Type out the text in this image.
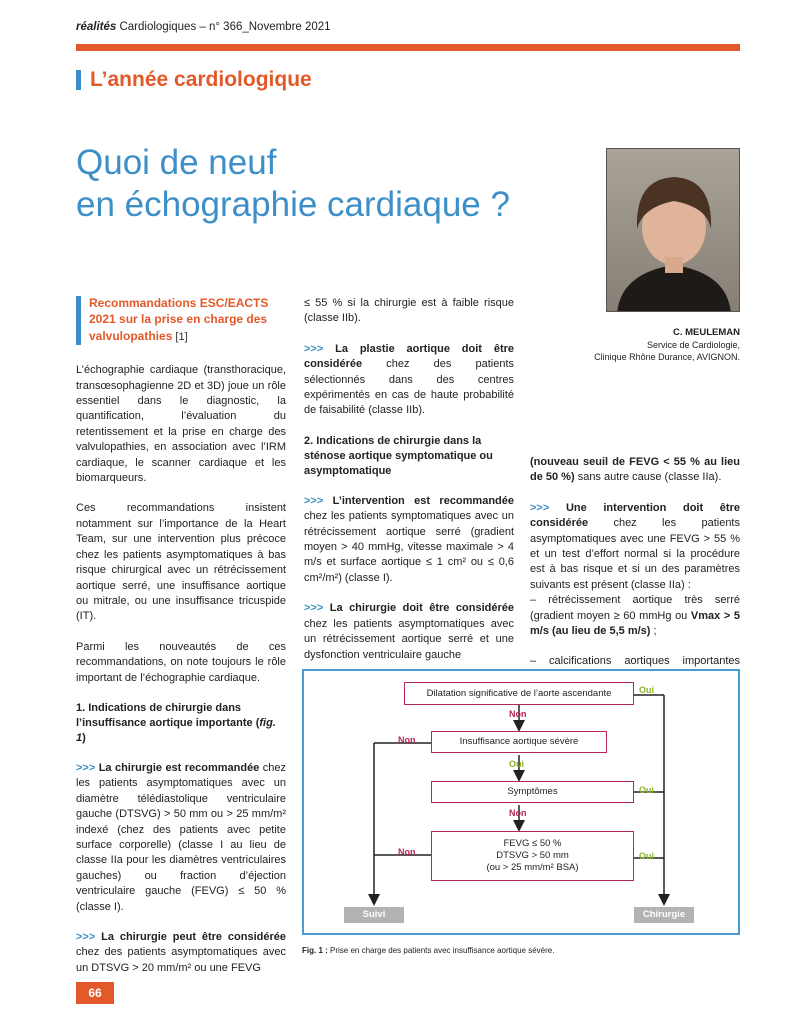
réalités Cardiologiques – n° 366_Novembre 2021
L’année cardiologique
Quoi de neuf
en échographie cardiaque ?
C. MEULEMAN
Service de Cardiologie,
Clinique Rhône Durance, AVIGNON.
Recommandations ESC/EACTS 2021 sur la prise en charge des valvulopathies [1]

L’échographie cardiaque (transthoracique, transœsophagienne 2D et 3D) joue un rôle essentiel dans le diagnostic, la quantification, l’évaluation du retentissement et la prise en charge des valvulopathies, en association avec l’IRM cardiaque, le scanner cardiaque et les biomarqueurs.

Ces recommandations insistent notamment sur l’importance de la Heart Team, sur une intervention plus précoce chez les patients asymptomatiques à bas risque chirurgical avec un rétrécissement aortique serré, une insuffisance aortique ou mitrale, ou une insuffisance tricuspide (IT).

Parmi les nouveautés de ces recommandations, on note toujours le rôle important de l’échographie cardiaque.

1. Indications de chirurgie dans l’insuffisance aortique importante (fig. 1)

>>> La chirurgie est recommandée chez les patients asymptomatiques avec un diamètre télédiastolique ventriculaire gauche (DTSVG) > 50 mm ou > 25 mm/m² indexé (chez des patients avec petite surface corporelle) (classe I au lieu de classe IIa pour les diamètres ventriculaires gauches) ou fraction d’éjection ventriculaire gauche (FEVG) ≤ 50 % (classe I).

>>> La chirurgie peut être considérée chez des patients asymptomatiques avec un DTSVG > 20 mm/m² ou une FEVG

≤ 55 % si la chirurgie est à faible risque (classe IIb).

>>> La plastie aortique doit être considérée chez des patients sélectionnés dans des centres expérimentés en cas de haute probabilité de faisabilité (classe IIb).

2. Indications de chirurgie dans la sténose aortique symptomatique ou asymptomatique

>>> L’intervention est recommandée chez les patients symptomatiques avec un rétrécissement aortique serré (gradient moyen > 40 mmHg, vitesse maximale > 4 m/s et surface aortique ≤ 1 cm² ou ≤ 0,6 cm²/m²) (classe I).

>>> La chirurgie doit être considérée chez les patients asymptomatiques avec un rétrécissement aortique serré et une dysfonction ventriculaire gauche

(nouveau seuil de FEVG < 55 % au lieu de 50 %) sans autre cause (classe IIa).

>>> Une intervention doit être considérée chez les patients asymptomatiques avec une FEVG > 55 % et un test d’effort normal si la procédure est à bas risque et si un des paramètres suivants est présent (classe IIa) :

– rétrécissement aortique très serré (gradient moyen ≥ 60 mmHg ou Vmax > 5 m/s (au lieu de 5,5 m/s) ;

– calcifications aortiques importantes

Dilatation significative de l’aorte ascendante
Non
Oui
Insuffisance aortique sévère
Non
Oui
Symptômes	Oui
Non
FEVG ≤ 50 %
DTSVG > 50 mm
(ou > 25 mm/m² BSA)
Non	Oui
Suivi	Chirurgie
Fig. 1 : Prise en charge des patients avec insuffisance aortique sévère.
66
